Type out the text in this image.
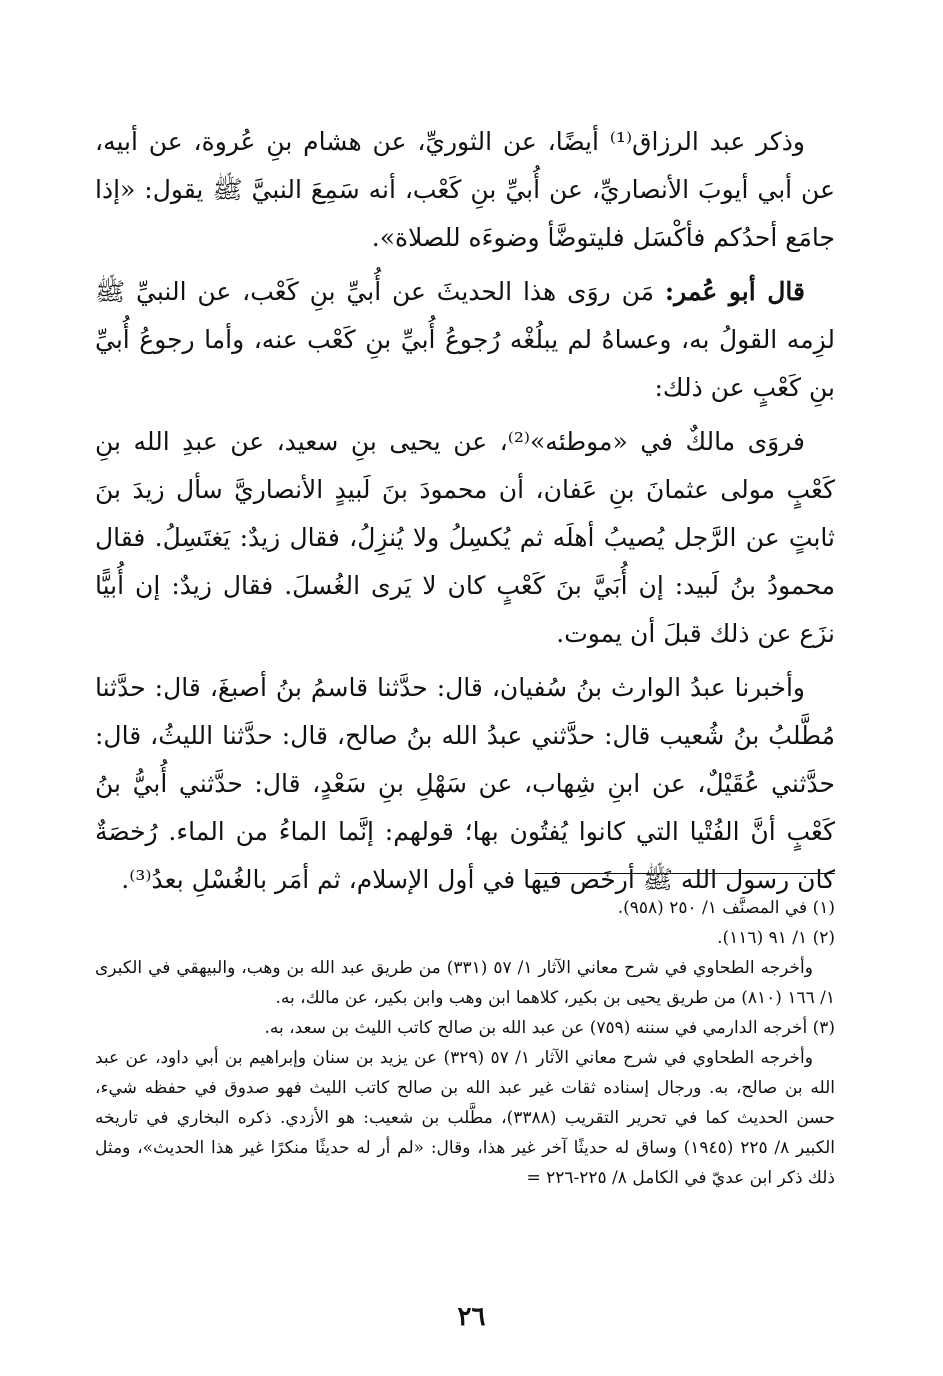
وذكر عبد الرزاق⁽¹⁾ أيضًا، عن الثوريِّ، عن هشام بنِ عُروة، عن أبيه، عن أبي أيوبَ الأنصاريِّ، عن أُبيِّ بنِ كَعْب، أنه سَمِعَ النبيَّ ﷺ يقول: «إذا جامَع أحدُكم فأكْسَل فليتوضَّأ وضوءَه للصلاة».

قال أبو عُمر: مَن روَى هذا الحديثَ عن أُبيِّ بنِ كَعْب، عن النبيِّ ﷺ لزِمه القولُ به، وعساهُ لم يبلُغْه رُجوعُ أُبيِّ بنِ كَعْب عنه، وأما رجوعُ أُبيِّ بنِ كَعْبٍ عن ذلك:

فروَى مالكٌ في «موطئه»⁽²⁾، عن يحيى بنِ سعيد، عن عبدِ الله بنِ كَعْبٍ مولى عثمانَ بنِ عَفان، أن محمودَ بنَ لَبيدٍ الأنصاريَّ سأل زيدَ بنَ ثابتٍ عن الرَّجل يُصيبُ أهلَه ثم يُكسِلُ ولا يُنزِلُ، فقال زيدٌ: يَغتَسِلُ. فقال محمودُ بنُ لَبيد: إن أُبَيَّ بنَ كَعْبٍ كان لا يَرى الغُسلَ. فقال زيدٌ: إن أُبيًّا نزَع عن ذلك قبلَ أن يموت.

وأخبرنا عبدُ الوارث بنُ سُفيان، قال: حدَّثنا قاسمُ بنُ أصبغَ، قال: حدَّثنا مُطَّلبُ بنُ شُعيب قال: حدَّثني عبدُ الله بنُ صالح، قال: حدَّثنا الليثُ، قال: حدَّثني عُقَيْلٌ، عن ابنِ شِهاب، عن سَهْلِ بنِ سَعْدٍ، قال: حدَّثني أُبيُّ بنُ كَعْبٍ أنَّ الفُتْيا التي كانوا يُفتُون بها؛ قولهم: إنَّما الماءُ من الماء. رُخصَةٌ كان رسول الله ﷺ أرخَص فيها في أول الإسلام، ثم أمَر بالغُسْلِ بعدُ⁽³⁾.

(١) في المصنَّف ١/ ٢٥٠ (٩٥٨).

(٢) ١/ ٩١ (١١٦).

وأخرجه الطحاوي في شرح معاني الآثار ١/ ٥٧ (٣٣١) من طريق عبد الله بن وهب، والبيهقي في الكبرى ١/ ١٦٦ (٨١٠) من طريق يحيى بن بكير، كلاهما ابن وهب وابن بكير، عن مالك، به.

(٣) أخرجه الدارمي في سننه (٧٥٩) عن عبد الله بن صالح كاتب الليث بن سعد، به.

وأخرجه الطحاوي في شرح معاني الآثار ١/ ٥٧ (٣٢٩) عن يزيد بن سنان وإبراهيم بن أبي داود، عن عبد الله بن صالح، به. ورجال إسناده ثقات غير عبد الله بن صالح كاتب الليث فهو صدوق في حفظه شيء، حسن الحديث كما في تحرير التقريب (٣٣٨٨)، مطَّلب بن شعيب: هو الأزدي. ذكره البخاري في تاريخه الكبير ٨/ ٢٢٥ (١٩٤٥) وساق له حديثًا آخر غير هذا، وقال: «لم أر له حديثًا منكرًا غير هذا الحديث»، ومثل ذلك ذكر ابن عديّ في الكامل ٨/ ٢٢٥-٢٢٦ =

٢٦
